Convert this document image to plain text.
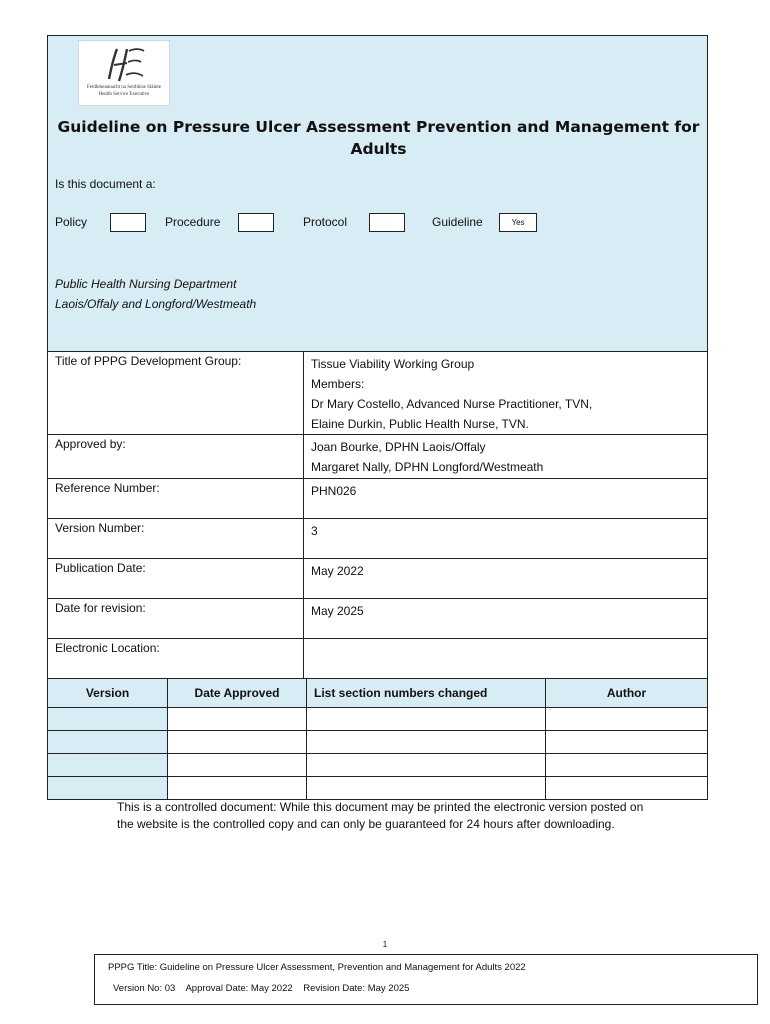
Feidhmeannacht na Seirbhíse Sláinte
Health Service Executive
Guideline on Pressure Ulcer Assessment Prevention and Management for Adults
Is this document a:
Policy	Procedure	Protocol	Guideline	Yes
Public Health Nursing Department
Laois/Offaly and Longford/Westmeath
Title of PPPG Development Group:	Tissue Viability Working Group
Members:
Dr Mary Costello, Advanced Nurse Practitioner, TVN,
Elaine Durkin, Public Health Nurse, TVN.

Approved by:	Joan Bourke, DPHN Laois/Offaly
Margaret Nally, DPHN Longford/Westmeath

Reference Number:	PHN026
Version Number:	3
Publication Date:	May 2022
Date for revision:	May 2025
Electronic Location:	
Version	Date Approved	List section numbers changed	Author

This is a controlled document: While this document may be printed the electronic version posted on the website is the controlled copy and can only be guaranteed for 24 hours after downloading.
1
PPPG Title: Guideline on Pressure Ulcer Assessment, Prevention and Management for Adults 2022
Version No: 03 Approval Date: May 2022 Revision Date: May 2025
